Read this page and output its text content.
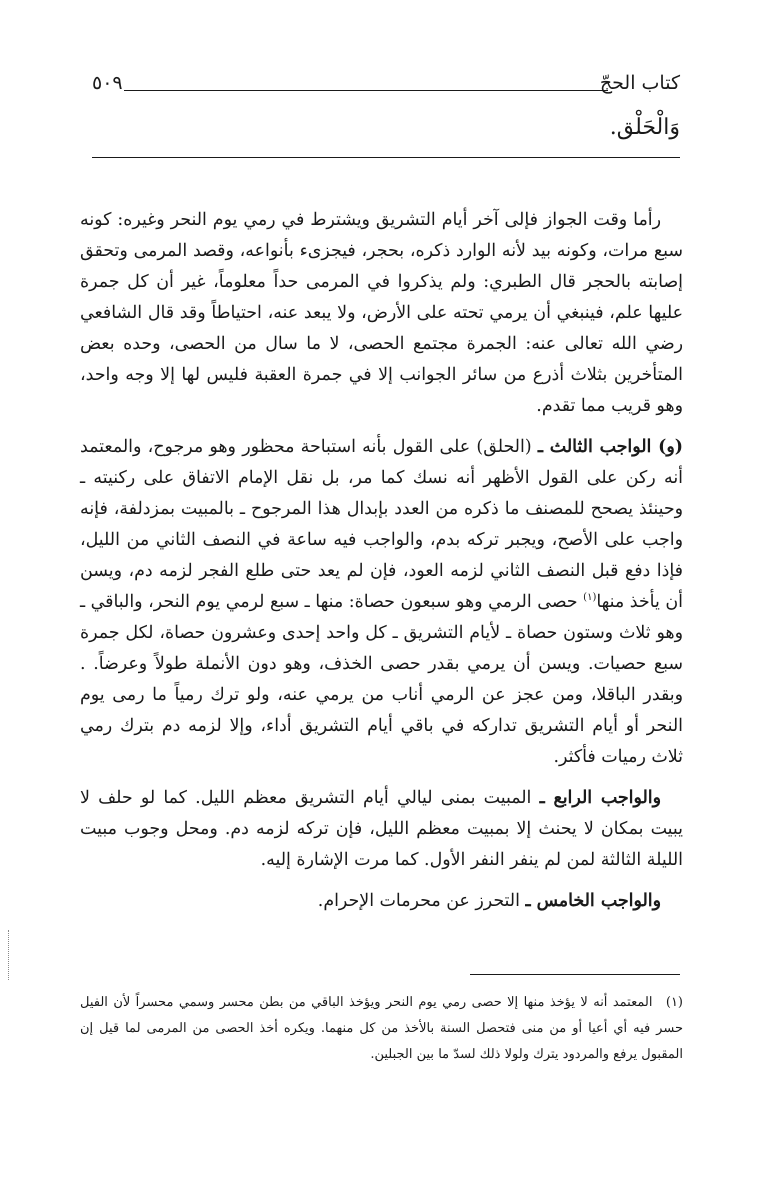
كتاب الحجّ
٥٠٩
وَالْحَلْق.

رأما وقت الجواز فإلى آخر أيام التشريق ويشترط في رمي يوم النحر وغيره: كونه سبع مرات، وكونه بيد لأنه الوارد ذكره، بحجر، فيجزىء بأنواعه، وقصد المرمى وتحقق إصابته بالحجر قال الطبري: ولم يذكروا في المرمى حداً معلوماً، غير أن كل جمرة عليها علم، فينبغي أن يرمي تحته على الأرض، ولا يبعد عنه، احتياطاً وقد قال الشافعي رضي الله تعالى عنه: الجمرة مجتمع الحصى، لا ما سال من الحصى، وحده بعض المتأخرين بثلاث أذرع من سائر الجوانب إلا في جمرة العقبة فليس لها إلا وجه واحد، وهو قريب مما تقدم.

(و) الواجب الثالث ـ (الحلق) على القول بأنه استباحة محظور وهو مرجوح، والمعتمد أنه ركن على القول الأظهر أنه نسك كما مر، بل نقل الإمام الاتفاق على ركنيته ـ وحينئذ يصحح للمصنف ما ذكره من العدد بإبدال هذا المرجوح ـ بالمبيت بمزدلفة، فإنه واجب على الأصح، ويجبر تركه بدم، والواجب فيه ساعة في النصف الثاني من الليل، فإذا دفع قبل النصف الثاني لزمه العود، فإن لم يعد حتى طلع الفجر لزمه دم، ويسن أن يأخذ منها$^{(١)}$ حصى الرمي وهو سبعون حصاة: منها ـ سبع لرمي يوم النحر، والباقي ـ وهو ثلاث وستون حصاة ـ لأيام التشريق ـ كل واحد إحدى وعشرون حصاة، لكل جمرة سبع حصيات. ويسن أن يرمي بقدر حصى الخذف، وهو دون الأنملة طولاً وعرضاً. . وبقدر الباقلا، ومن عجز عن الرمي أناب من يرمي عنه، ولو ترك رمياً ما رمى يوم النحر أو أيام التشريق تداركه في باقي أيام التشريق أداء، وإلا لزمه دم بترك رمي ثلاث رميات فأكثر.

والواجب الرابع ـ المبيت بمنى ليالي أيام التشريق معظم الليل. كما لو حلف لا يبيت بمكان لا يحنث إلا بمبيت معظم الليل، فإن تركه لزمه دم. ومحل وجوب مبيت الليلة الثالثة لمن لم ينفر النفر الأول. كما مرت الإشارة إليه.

والواجب الخامس ـ التحرز عن محرمات الإحرام.

(١) المعتمد أنه لا يؤخذ منها إلا حصى رمي يوم النحر ويؤخذ الباقي من بطن محسر وسمي محسراً لأن الفيل حسر فيه أي أعيا أو من منى فتحصل السنة بالأخذ من كل منهما. ويكره أخذ الحصى من المرمى لما قيل إن المقبول يرفع والمردود يترك ولولا ذلك لسدّ ما بين الجبلين.
